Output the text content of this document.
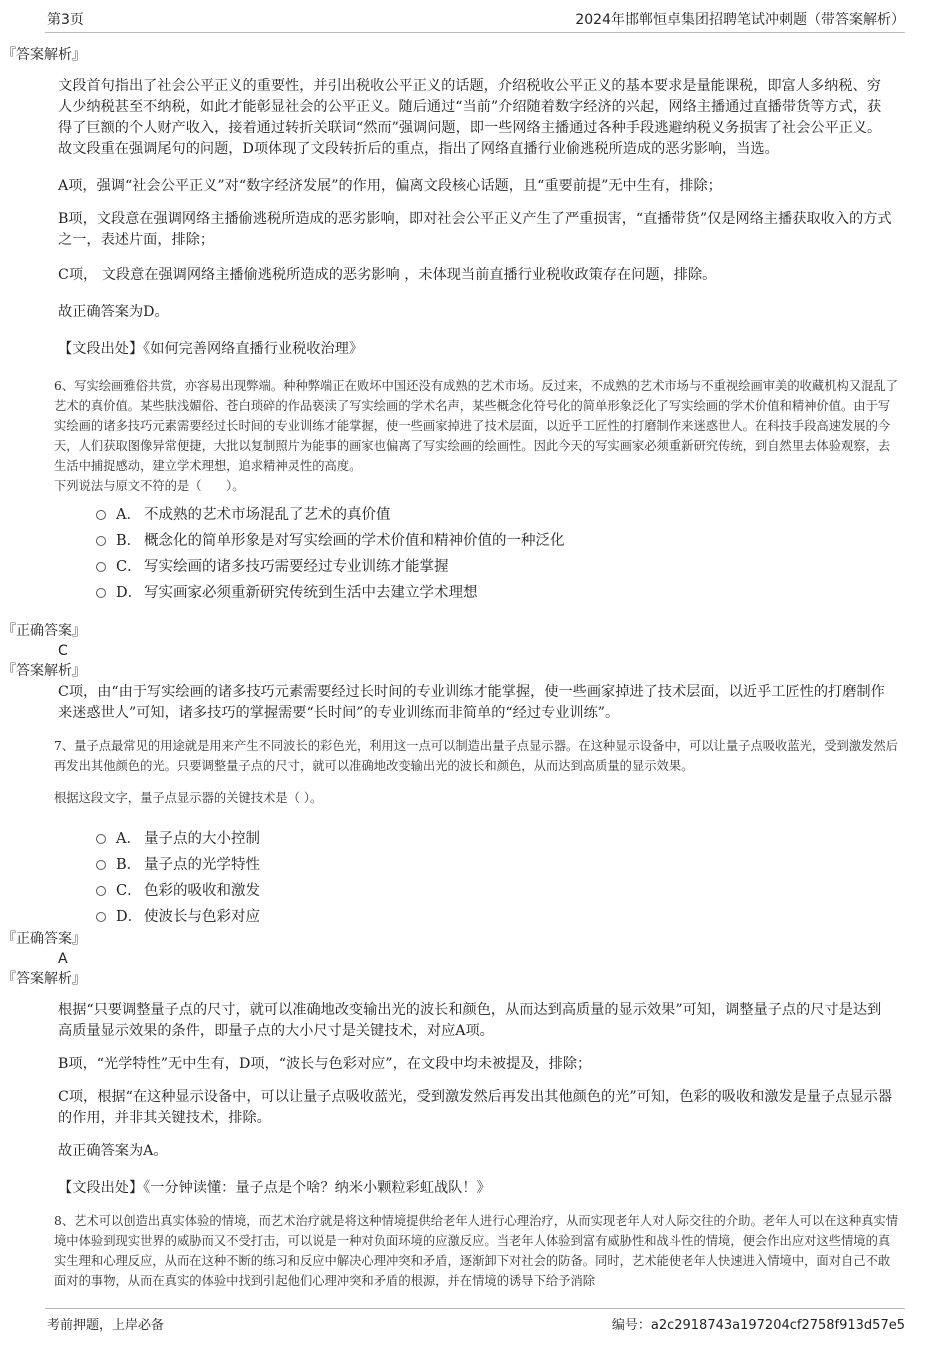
第3页	2024年邯郸恒卓集团招聘笔试冲刺题（带答案解析）
『答案解析』
文段首句指出了社会公平正义的重要性，并引出税收公平正义的话题，介绍税收公平正义的基本要求是量能课税，即富人多纳税、穷人少纳税甚至不纳税，如此才能彰显社会的公平正义。随后通过“当前”介绍随着数字经济的兴起，网络主播通过直播带货等方式，获得了巨额的个人财产收入，接着通过转折关联词“然而”强调问题，即一些网络主播通过各种手段逃避纳税义务损害了社会公平正义。故文段重在强调尾句的问题，D项体现了文段转折后的重点，指出了网络直播行业偷逃税所造成的恶劣影响，当选。
A项，强调“社会公平正义”对“数字经济发展”的作用，偏离文段核心话题，且“重要前提”无中生有，排除；
B项，文段意在强调网络主播偷逃税所造成的恶劣影响，即对社会公平正义产生了严重损害，“直播带货”仅是网络主播获取收入的方式之一，表述片面，排除；
C项， 文段意在强调网络主播偷逃税所造成的恶劣影响 ，未体现当前直播行业税收政策存在问题，排除。
故正确答案为D。
【文段出处】《如何完善网络直播行业税收治理》
6、写实绘画雅俗共赏，亦容易出现弊端。种种弊端正在败坏中国还没有成熟的艺术市场。反过来，不成熟的艺术市场与不重视绘画审美的收藏机构又混乱了艺术的真价值。某些肤浅媚俗、苍白琐碎的作品亵渎了写实绘画的学术名声，某些概念化符号化的简单形象泛化了写实绘画的学术价值和精神价值。由于写实绘画的诸多技巧元素需要经过长时间的专业训练才能掌握，使一些画家掉进了技术层面，以近乎工匠性的打磨制作来迷惑世人。在科技手段高速发展的今天，人们获取图像异常便捷，大批以复制照片为能事的画家也偏离了写实绘画的绘画性。因此今天的写实画家必须重新研究传统，到自然里去体验观察，去生活中捕捉感动，建立学术理想，追求精神灵性的高度。
下列说法与原文不符的是（　　）。
A． 不成熟的艺术市场混乱了艺术的真价值
B． 概念化的简单形象是对写实绘画的学术价值和精神价值的一种泛化
C． 写实绘画的诸多技巧需要经过专业训练才能掌握
D． 写实画家必须重新研究传统到生活中去建立学术理想
『正确答案』
C
『答案解析』
C项，由“由于写实绘画的诸多技巧元素需要经过长时间的专业训练才能掌握，使一些画家掉进了技术层面，以近乎工匠性的打磨制作来迷惑世人”可知，诸多技巧的掌握需要“长时间”的专业训练而非简单的“经过专业训练”。
7、量子点最常见的用途就是用来产生不同波长的彩色光，利用这一点可以制造出量子点显示器。在这种显示设备中，可以让量子点吸收蓝光，受到激发然后再发出其他颜色的光。只要调整量子点的尺寸，就可以准确地改变输出光的波长和颜色，从而达到高质量的显示效果。
根据这段文字，量子点显示器的关键技术是（ ）。
A． 量子点的大小控制
B． 量子点的光学特性
C． 色彩的吸收和激发
D． 使波长与色彩对应
『正确答案』
A
『答案解析』
根据“只要调整量子点的尺寸，就可以准确地改变输出光的波长和颜色，从而达到高质量的显示效果”可知，调整量子点的尺寸是达到高质量显示效果的条件，即量子点的大小尺寸是关键技术，对应A项。
B项，“光学特性”无中生有，D项，“波长与色彩对应”，在文段中均未被提及，排除；
C项，根据“在这种显示设备中，可以让量子点吸收蓝光，受到激发然后再发出其他颜色的光”可知，色彩的吸收和激发是量子点显示器的作用，并非其关键技术，排除。
故正确答案为A。
【文段出处】《一分钟读懂：量子点是个啥？纳米小颗粒彩虹战队！》
8、艺术可以创造出真实体验的情境，而艺术治疗就是将这种情境提供给老年人进行心理治疗，从而实现老年人对人际交往的介助。老年人可以在这种真实情境中体验到现实世界的威胁而又不受打击，可以说是一种对负面环境的应激反应。当老年人体验到富有威胁性和战斗性的情境，便会作出应对这些情境的真实生理和心理反应，从而在这种不断的练习和反应中解决心理冲突和矛盾，逐渐卸下对社会的防备。同时，艺术能使老年人快速进入情境中，面对自己不敢面对的事物，从而在真实的体验中找到引起他们心理冲突和矛盾的根源，并在情境的诱导下给予消除
考前押题，上岸必备	编号：a2c2918743a197204cf2758f913d57e5
